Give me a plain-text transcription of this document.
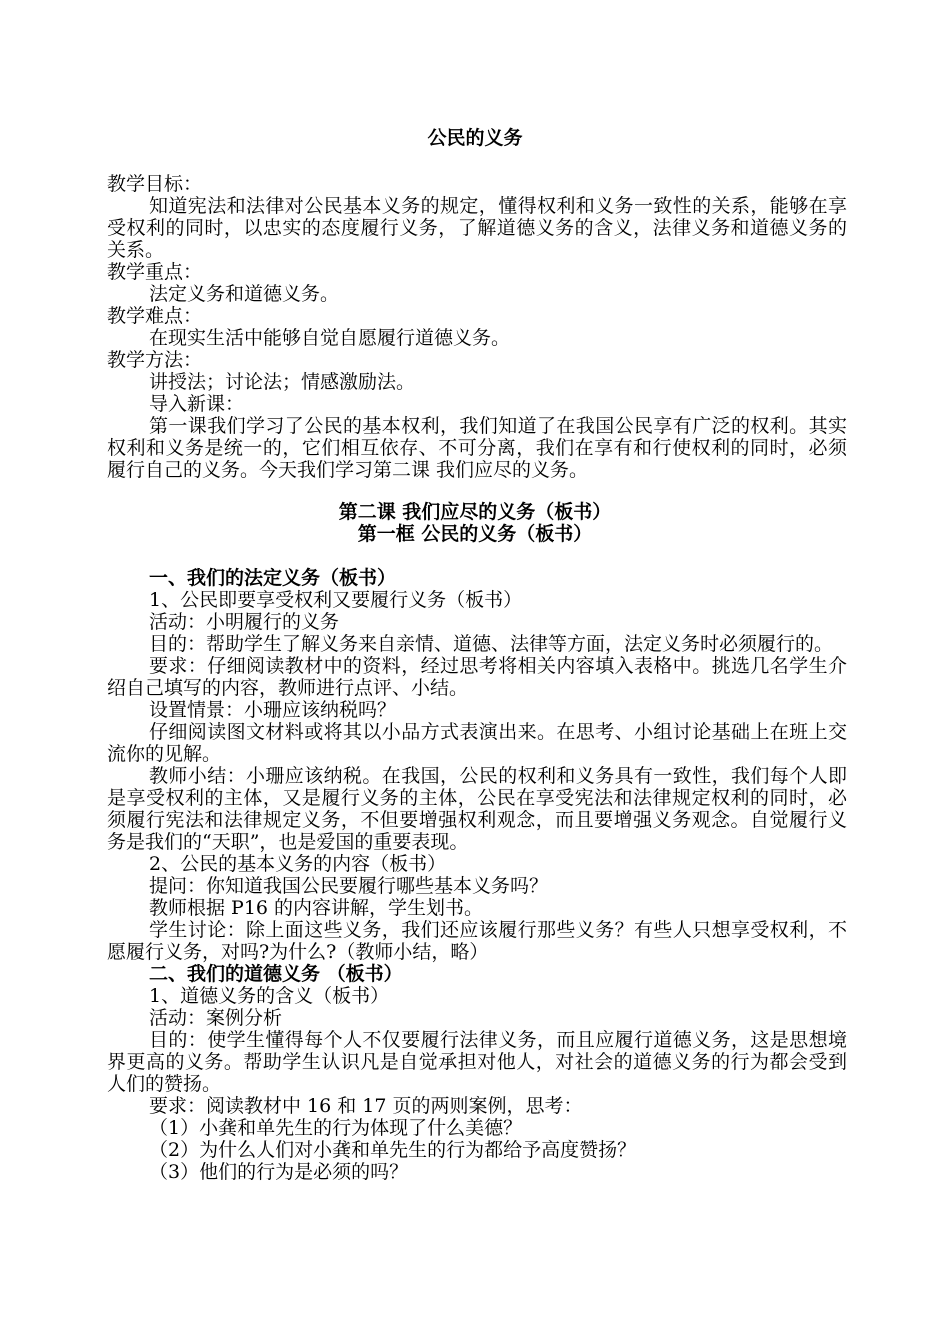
公民的义务

教学目标：

知道宪法和法律对公民基本义务的规定，懂得权利和义务一致性的关系，能够在享受权利的同时，以忠实的态度履行义务，了解道德义务的含义，法律义务和道德义务的关系。

教学重点：

法定义务和道德义务。

教学难点：

在现实生活中能够自觉自愿履行道德义务。

教学方法：

讲授法；讨论法；情感激励法。

导入新课：

第一课我们学习了公民的基本权利，我们知道了在我国公民享有广泛的权利。其实权利和义务是统一的，它们相互依存、不可分离，我们在享有和行使权利的同时，必须履行自己的义务。今天我们学习第二课 我们应尽的义务。

第二课 我们应尽的义务（板书）

第一框 公民的义务（板书）

一、我们的法定义务（板书）

1、公民即要享受权利又要履行义务（板书）

活动：小明履行的义务

目的：帮助学生了解义务来自亲情、道德、法律等方面，法定义务时必须履行的。

要求：仔细阅读教材中的资料，经过思考将相关内容填入表格中。挑选几名学生介绍自己填写的内容，教师进行点评、小结。

设置情景：小珊应该纳税吗？

仔细阅读图文材料或将其以小品方式表演出来。在思考、小组讨论基础上在班上交流你的见解。

教师小结：小珊应该纳税。在我国，公民的权利和义务具有一致性，我们每个人即是享受权利的主体，又是履行义务的主体，公民在享受宪法和法律规定权利的同时，必须履行宪法和法律规定义务，不但要增强权利观念，而且要增强义务观念。自觉履行义务是我们的“天职”，也是爱国的重要表现。

2、公民的基本义务的内容（板书）

提问：你知道我国公民要履行哪些基本义务吗？

教师根据 P16 的内容讲解，学生划书。

学生讨论：除上面这些义务，我们还应该履行那些义务？有些人只想享受权利，不愿履行义务，对吗?为什么?（教师小结，略）

二、我们的道德义务 （板书）

1、道德义务的含义（板书）

活动：案例分析

目的：使学生懂得每个人不仅要履行法律义务，而且应履行道德义务，这是思想境界更高的义务。帮助学生认识凡是自觉承担对他人，对社会的道德义务的行为都会受到人们的赞扬。

要求：阅读教材中 16 和 17 页的两则案例，思考：

（1）小龚和单先生的行为体现了什么美德？

（2）为什么人们对小龚和单先生的行为都给予高度赞扬？

（3）他们的行为是必须的吗？
